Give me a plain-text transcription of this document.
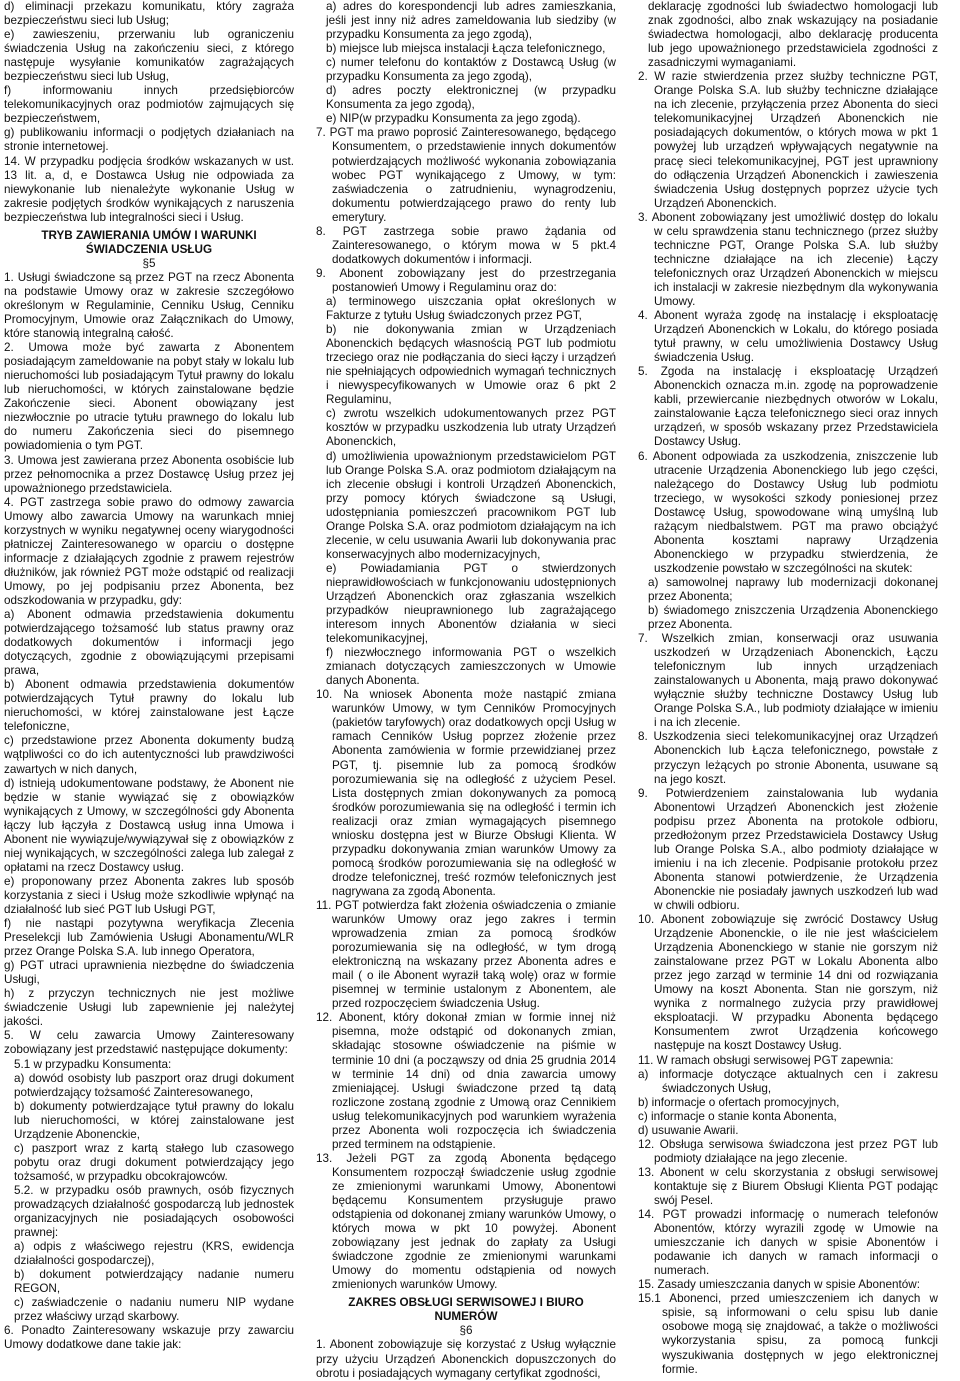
d) eliminacji przekazu komunikatu, który zagraża bezpieczeństwu sieci lub Usług;

e) zawieszeniu, przerwaniu lub ograniczeniu świadczenia Usług na zakończeniu sieci, z którego następuje wysyłanie komunikatów zagrażających bezpieczeństwu sieci lub Usług,

f) informowaniu innych przedsiębiorców telekomunikacyjnych oraz podmiotów zajmujących się bezpieczeństwem,

g) publikowaniu informacji o podjętych działaniach na stronie internetowej.

14. W przypadku podjęcia środków wskazanych w ust. 13 lit. a, d, e Dostawca Usług nie odpowiada za niewykonanie lub nienależyte wykonanie Usług w zakresie podjętych środków wynikających z naruszenia bezpieczeństwa lub integralności sieci i Usług.

TRYB ZAWIERANIA UMÓW I WARUNKI ŚWIADCZENIA USŁUG

§5

1. Usługi świadczone są przez PGT na rzecz Abonenta na podstawie Umowy oraz w zakresie szczegółowo określonym w Regulaminie, Cenniku Usług, Cenniku Promocyjnym, Umowie oraz Załącznikach do Umowy, które stanowią integralną całość.

2. Umowa może być zawarta z Abonentem posiadającym zameldowanie na pobyt stały w lokalu lub nieruchomości lub posiadającym Tytuł prawny do lokalu lub nieruchomości, w których zainstalowane będzie Zakończenie sieci. Abonent obowiązany jest niezwłocznie po utracie tytułu prawnego do lokalu lub do numeru Zakończenia sieci do pisemnego powiadomienia o tym PGT.

3. Umowa jest zawierana przez Abonenta osobiście lub przez pełnomocnika a przez Dostawcę Usług przez jej upoważnionego przedstawiciela.

4. PGT zastrzega sobie prawo do odmowy zawarcia Umowy albo zawarcia Umowy na warunkach mniej korzystnych w wyniku negatywnej oceny wiarygodności płatniczej Zainteresowanego w oparciu o dostępne informacje z działających zgodnie z prawem rejestrów dłużników, jak również PGT może odstąpić od realizacji Umowy, po jej podpisaniu przez Abonenta, bez odszkodowania w przypadku, gdy:

a) Abonent odmawia przedstawienia dokumentu potwierdzającego tożsamość lub status prawny oraz dodatkowych dokumentów i informacji jego dotyczących, zgodnie z obowiązującymi przepisami prawa,

b) Abonent odmawia przedstawienia dokumentów potwierdzających Tytuł prawny do lokalu lub nieruchomości, w której zainstalowane jest Łącze telefoniczne,

c) przedstawione przez Abonenta dokumenty budzą wątpliwości co do ich autentyczności lub prawdziwości zawartych w nich danych,

d) istnieją udokumentowane podstawy, że Abonent nie będzie w stanie wywiązać się z obowiązków wynikających z Umowy, w szczególności gdy Abonenta łączy lub łączyła z Dostawcą usług inna Umowa i Abonent nie wywiązuje/wywiązywał się z obowiązków z niej wynikających, w szczególności zalega lub zalegał z opłatami na rzecz Dostawcy usług.

e) proponowany przez Abonenta zakres lub sposób korzystania z sieci i Usług może szkodliwie wpłynąć na działalność lub sieć PGT lub Usługi PGT,

f) nie nastąpi pozytywna weryfikacja Zlecenia Preselekcji lub Zamówienia Usługi Abonamentu/WLR przez Orange Polska S.A. lub innego Operatora,

g) PGT utraci uprawnienia niezbędne do świadczenia Usługi,

h) z przyczyn technicznych nie jest możliwe świadczenie Usługi lub zapewnienie jej należytej jakości.

5. W celu zawarcia Umowy Zainteresowany zobowiązany jest przedstawić następujące dokumenty:

5.1 w przypadku Konsumenta:

a) dowód osobisty lub paszport oraz drugi dokument potwierdzający tożsamość Zainteresowanego,

b) dokumenty potwierdzające tytuł prawny do lokalu lub nieruchomości, w której zainstalowane jest Urządzenie Abonenckie,

c) paszport wraz z kartą stałego lub czasowego pobytu oraz drugi dokument potwierdzający jego tożsamość, w przypadku obcokrajowców.

5.2. w przypadku osób prawnych, osób fizycznych prowadzących działalność gospodarczą lub jednostek organizacyjnych nie posiadających osobowości prawnej:

a) odpis z właściwego rejestru (KRS, ewidencja działalności gospodarczej),

b) dokument potwierdzający nadanie numeru REGON,

c) zaświadczenie o nadaniu numeru NIP wydane przez właściwy urząd skarbowy.

6. Ponadto Zainteresowany wskazuje przy zawarciu Umowy dodatkowe dane takie jak:

a) adres do korespondencji lub adres zamieszkania, jeśli jest inny niż adres zameldowania lub siedziby (w przypadku Konsumenta za jego zgodą),

b) miejsce lub miejsca instalacji Łącza telefonicznego,

c) numer telefonu do kontaktów z Dostawcą Usług (w przypadku Konsumenta za jego zgodą),

d) adres poczty elektronicznej (w przypadku Konsumenta za jego zgodą),

e) NIP(w przypadku Konsumenta za jego zgodą).

7. PGT ma prawo poprosić Zainteresowanego, będącego Konsumentem, o przedstawienie innych dokumentów potwierdzających możliwość wykonania zobowiązania wobec PGT wynikającego z Umowy, w tym: zaświadczenia o zatrudnieniu, wynagrodzeniu, dokumentu potwierdzającego prawo do renty lub emerytury.

8. PGT zastrzega sobie prawo żądania od Zainteresowanego, o którym mowa w 5 pkt.4 dodatkowych dokumentów i informacji.

9. Abonent zobowiązany jest do przestrzegania postanowień Umowy i Regulaminu oraz do:

a) terminowego uiszczania opłat określonych w Fakturze z tytułu Usług świadczonych przez PGT,

b) nie dokonywania zmian w Urządzeniach Abonenckich będących własnością PGT lub podmiotu trzeciego oraz nie podłączania do sieci łączy i urządzeń nie spełniających odpowiednich wymagań technicznych i niewyspecyfikowanych w Umowie oraz 6 pkt 2 Regulaminu,

c) zwrotu wszelkich udokumentowanych przez PGT kosztów w przypadku uszkodzenia lub utraty Urządzeń Abonenckich,

d) umożliwienia upoważnionym przedstawicielom PGT lub Orange Polska S.A. oraz podmiotom działającym na ich zlecenie obsługi i kontroli Urządzeń Abonenckich, przy pomocy których świadczone są Usługi, udostępniania pomieszczeń pracownikom PGT lub Orange Polska S.A. oraz podmiotom działającym na ich zlecenie, w celu usuwania Awarii lub dokonywania prac konserwacyjnych albo modernizacyjnych,

e) Powiadamiania PGT o stwierdzonych nieprawidłowościach w funkcjonowaniu udostępnionych Urządzeń Abonenckich oraz zgłaszania wszelkich przypadków nieuprawnionego lub zagrażającego interesom innych Abonentów działania w sieci telekomunikacyjnej,

f) niezwłocznego informowania PGT o wszelkich zmianach dotyczących zamieszczonych w Umowie danych Abonenta.

10. Na wniosek Abonenta może nastąpić zmiana warunków Umowy, w tym Cenników Promocyjnych (pakietów taryfowych) oraz dodatkowych opcji Usług w ramach Cenników Usług poprzez złożenie przez Abonenta zamówienia w formie przewidzianej przez PGT, tj. pisemnie lub za pomocą środków porozumiewania się na odległość z użyciem Pesel. Lista dostępnych zmian dokonywanych za pomocą środków porozumiewania się na odległość i termin ich realizacji oraz zmian wymagających pisemnego wniosku dostępna jest w Biurze Obsługi Klienta. W przypadku dokonywania zmian warunków Umowy za pomocą środków porozumiewania się na odległość w drodze telefonicznej, treść rozmów telefonicznych jest nagrywana za zgodą Abonenta.

11. PGT potwierdza fakt złożenia oświadczenia o zmianie warunków Umowy oraz jego zakres i termin wprowadzenia zmian za pomocą środków porozumiewania się na odległość, w tym drogą elektroniczną na wskazany przez Abonenta adres e mail ( o ile Abonent wyraził taką wolę) oraz w formie pisemnej w terminie ustalonym z Abonentem, ale przed rozpoczęciem świadczenia Usług.

12. Abonent, który dokonał zmian w formie innej niż pisemna, może odstąpić od dokonanych zmian, składając stosowne oświadczenie na piśmie w terminie 10 dni (a począwszy od dnia 25 grudnia 2014 w terminie 14 dni) od dnia zawarcia umowy zmieniającej. Usługi świadczone przed tą datą rozliczone zostaną zgodnie z Umową oraz Cennikiem usług telekomunikacyjnych pod warunkiem wyrażenia przez Abonenta woli rozpoczęcia ich świadczenia przed terminem na odstąpienie.

13. Jeżeli PGT za zgodą Abonenta będącego Konsumentem rozpoczął świadczenie usług zgodnie ze zmienionymi warunkami Umowy, Abonentowi będącemu Konsumentem przysługuje prawo odstąpienia od dokonanej zmiany warunków Umowy, o których mowa w pkt 10 powyżej. Abonent zobowiązany jest jednak do zapłaty za Usługi świadczone zgodnie ze zmienionymi warunkami Umowy do momentu odstąpienia od nowych zmienionych warunków Umowy.

ZAKRES OBSŁUGI SERWISOWEJ I BIURO NUMERÓW

§6

1. Abonent zobowiązuje się korzystać z Usług wyłącznie przy użyciu Urządzeń Abonenckich dopuszczonych do obrotu i posiadających wymagany certyfikat zgodności,

deklarację zgodności lub świadectwo homologacji lub znak zgodności, albo znak wskazujący na posiadanie świadectwa homologacji, albo deklarację producenta lub jego upoważnionego przedstawiciela zgodności z zasadniczymi wymaganiami.

2. W razie stwierdzenia przez służby techniczne PGT, Orange Polska S.A. lub służby techniczne działające na ich zlecenie, przyłączenia przez Abonenta do sieci telekomunikacyjnej Urządzeń Abonenckich nie posiadających dokumentów, o których mowa w pkt 1 powyżej lub urządzeń wpływających negatywnie na pracę sieci telekomunikacyjnej, PGT jest uprawniony do odłączenia Urządzeń Abonenckich i zawieszenia świadczenia Usług dostępnych poprzez użycie tych Urządzeń Abonenckich.

3. Abonent zobowiązany jest umożliwić dostęp do lokalu w celu sprawdzenia stanu technicznego (przez służby techniczne PGT, Orange Polska S.A. lub służby techniczne działające na ich zlecenie) Łączy telefonicznych oraz Urządzeń Abonenckich w miejscu ich instalacji w zakresie niezbędnym dla wykonywania Umowy.

4. Abonent wyraża zgodę na instalację i eksploatację Urządzeń Abonenckich w Lokalu, do którego posiada tytuł prawny, w celu umożliwienia Dostawcy Usług świadczenia Usług.

5. Zgoda na instalację i eksploatację Urządzeń Abonenckich oznacza m.in. zgodę na poprowadzenie kabli, przewiercanie niezbędnych otworów w Lokalu, zainstalowanie Łącza telefonicznego sieci oraz innych urządzeń, w sposób wskazany przez Przedstawiciela Dostawcy Usług.

6. Abonent odpowiada za uszkodzenia, zniszczenie lub utracenie Urządzenia Abonenckiego lub jego części, należącego do Dostawcy Usług lub podmiotu trzeciego, w wysokości szkody poniesionej przez Dostawcę Usług, spowodowane winą umyślną lub rażącym niedbalstwem. PGT ma prawo obciążyć Abonenta kosztami naprawy Urządzenia Abonenckiego w przypadku stwierdzenia, że uszkodzenie powstało w szczególności na skutek:

a) samowolnej naprawy lub modernizacji dokonanej przez Abonenta;

b) świadomego zniszczenia Urządzenia Abonenckiego przez Abonenta.

7. Wszelkich zmian, konserwacji oraz usuwania uszkodzeń w Urządzeniach Abonenckich, Łączu telefonicznym lub innych urządzeniach zainstalowanych u Abonenta, mają prawo dokonywać wyłącznie służby techniczne Dostawcy Usług lub Orange Polska S.A., lub podmioty działające w imieniu i na ich zlecenie.

8. Uszkodzenia sieci telekomunikacyjnej oraz Urządzeń Abonenckich lub Łącza telefonicznego, powstałe z przyczyn leżących po stronie Abonenta, usuwane są na jego koszt.

9. Potwierdzeniem zainstalowania lub wydania Abonentowi Urządzeń Abonenckich jest złożenie podpisu przez Abonenta na protokole odbioru, przedłożonym przez Przedstawiciela Dostawcy Usług lub Orange Polska S.A., albo podmioty działające w imieniu i na ich zlecenie. Podpisanie protokołu przez Abonenta stanowi potwierdzenie, że Urządzenia Abonenckie nie posiadały jawnych uszkodzeń lub wad w chwili odbioru.

10. Abonent zobowiązuje się zwrócić Dostawcy Usług Urządzenie Abonenckie, o ile nie jest właścicielem Urządzenia Abonenckiego w stanie nie gorszym niż zainstalowane przez PGT w Lokalu Abonenta albo przez jego zarząd w terminie 14 dni od rozwiązania Umowy na koszt Abonenta. Stan nie gorszym, niż wynika z normalnego zużycia przy prawidłowej eksploatacji. W przypadku Abonenta będącego Konsumentem zwrot Urządzenia końcowego następuje na koszt Dostawcy Usług.

11. W ramach obsługi serwisowej PGT zapewnia:

a) informacje dotyczące aktualnych cen i zakresu świadczonych Usług,

b) informacje o ofertach promocyjnych,

c) informacje o stanie konta Abonenta,

d) usuwanie Awarii.

12. Obsługa serwisowa świadczona jest przez PGT lub podmioty działające na jego zlecenie.

13. Abonent w celu skorzystania z obsługi serwisowej kontaktuje się z Biurem Obsługi Klienta PGT podając swój Pesel.

14. PGT prowadzi informację o numerach telefonów Abonentów, którzy wyrazili zgodę w Umowie na umieszczanie ich danych w spisie Abonentów i podawanie ich danych w ramach informacji o numerach.

15. Zasady umieszczania danych w spisie Abonentów:

15.1 Abonenci, przed umieszczeniem ich danych w spisie, są informowani o celu spisu lub danie osobowe mogą się znajdować, a także o możliwości wykorzystania spisu, za pomocą funkcji wyszukiwania dostępnych w jego elektronicznej formie.
